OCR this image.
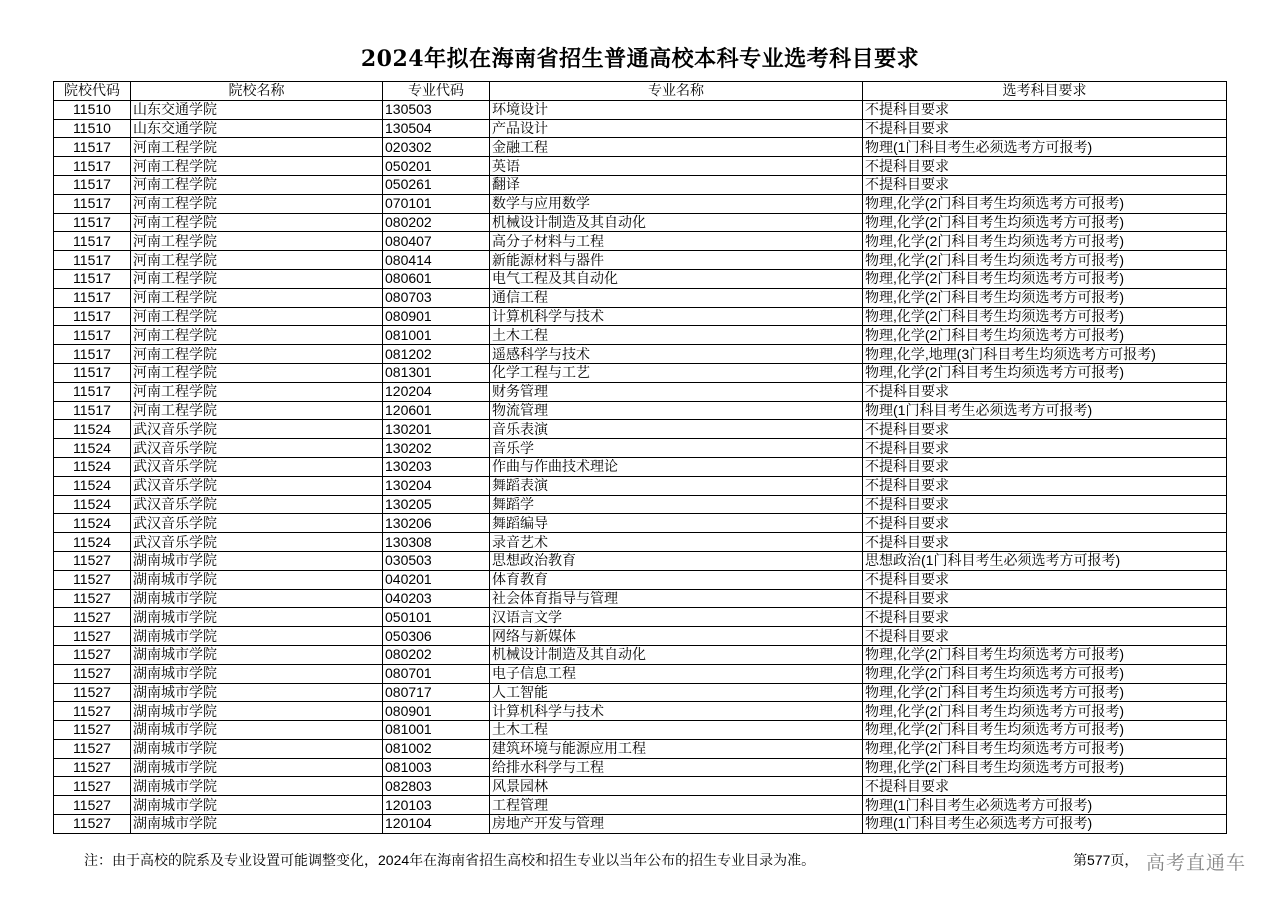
2024年拟在海南省招生普通高校本科专业选考科目要求
院校代码	院校名称	专业代码	专业名称	选考科目要求
11510	山东交通学院	130503	环境设计	不提科目要求
11510	山东交通学院	130504	产品设计	不提科目要求
11517	河南工程学院	020302	金融工程	物理(1门科目考生必须选考方可报考)
11517	河南工程学院	050201	英语	不提科目要求
11517	河南工程学院	050261	翻译	不提科目要求
11517	河南工程学院	070101	数学与应用数学	物理,化学(2门科目考生均须选考方可报考)
11517	河南工程学院	080202	机械设计制造及其自动化	物理,化学(2门科目考生均须选考方可报考)
11517	河南工程学院	080407	高分子材料与工程	物理,化学(2门科目考生均须选考方可报考)
11517	河南工程学院	080414	新能源材料与器件	物理,化学(2门科目考生均须选考方可报考)
11517	河南工程学院	080601	电气工程及其自动化	物理,化学(2门科目考生均须选考方可报考)
11517	河南工程学院	080703	通信工程	物理,化学(2门科目考生均须选考方可报考)
11517	河南工程学院	080901	计算机科学与技术	物理,化学(2门科目考生均须选考方可报考)
11517	河南工程学院	081001	土木工程	物理,化学(2门科目考生均须选考方可报考)
11517	河南工程学院	081202	遥感科学与技术	物理,化学,地理(3门科目考生均须选考方可报考)
11517	河南工程学院	081301	化学工程与工艺	物理,化学(2门科目考生均须选考方可报考)
11517	河南工程学院	120204	财务管理	不提科目要求
11517	河南工程学院	120601	物流管理	物理(1门科目考生必须选考方可报考)
11524	武汉音乐学院	130201	音乐表演	不提科目要求
11524	武汉音乐学院	130202	音乐学	不提科目要求
11524	武汉音乐学院	130203	作曲与作曲技术理论	不提科目要求
11524	武汉音乐学院	130204	舞蹈表演	不提科目要求
11524	武汉音乐学院	130205	舞蹈学	不提科目要求
11524	武汉音乐学院	130206	舞蹈编导	不提科目要求
11524	武汉音乐学院	130308	录音艺术	不提科目要求
11527	湖南城市学院	030503	思想政治教育	思想政治(1门科目考生必须选考方可报考)
11527	湖南城市学院	040201	体育教育	不提科目要求
11527	湖南城市学院	040203	社会体育指导与管理	不提科目要求
11527	湖南城市学院	050101	汉语言文学	不提科目要求
11527	湖南城市学院	050306	网络与新媒体	不提科目要求
11527	湖南城市学院	080202	机械设计制造及其自动化	物理,化学(2门科目考生均须选考方可报考)
11527	湖南城市学院	080701	电子信息工程	物理,化学(2门科目考生均须选考方可报考)
11527	湖南城市学院	080717	人工智能	物理,化学(2门科目考生均须选考方可报考)
11527	湖南城市学院	080901	计算机科学与技术	物理,化学(2门科目考生均须选考方可报考)
11527	湖南城市学院	081001	土木工程	物理,化学(2门科目考生均须选考方可报考)
11527	湖南城市学院	081002	建筑环境与能源应用工程	物理,化学(2门科目考生均须选考方可报考)
11527	湖南城市学院	081003	给排水科学与工程	物理,化学(2门科目考生均须选考方可报考)
11527	湖南城市学院	082803	风景园林	不提科目要求
11527	湖南城市学院	120103	工程管理	物理(1门科目考生必须选考方可报考)
11527	湖南城市学院	120104	房地产开发与管理	物理(1门科目考生必须选考方可报考)
注：由于高校的院系及专业设置可能调整变化，2024年在海南省招生高校和招生专业以当年公布的招生专业目录为准。	第577页， 高考直通车
